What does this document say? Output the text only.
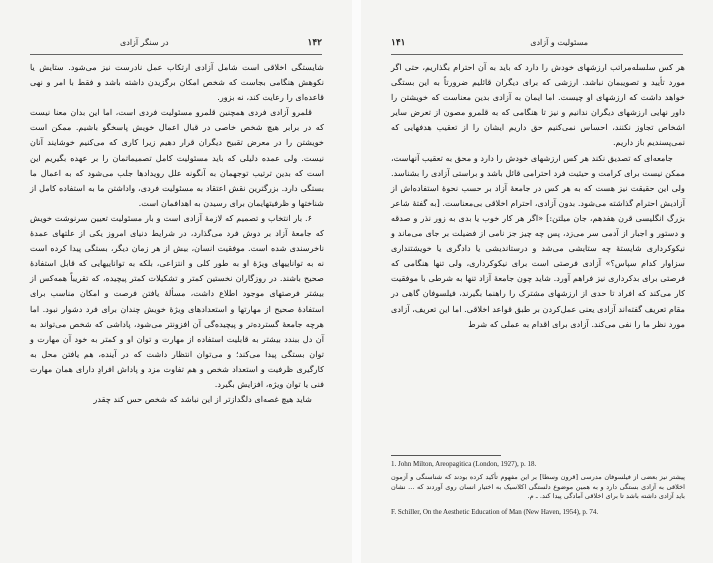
۱۴۲
در سنگر آزادی

شایستگی اخلاقی است شامل آزادی ارتکاب عمل نادرست نیز می‌شود. ستایش یا نکوهش هنگامی بجاست که شخص امکان برگزیدن داشته باشد و فقط با امر و نهی قاعده‌ای را رعایت کند، نه بزور.

قلمرو آزادی فردی همچنین قلمرو مسئولیت فردی است، اما این بدان معنا نیست که در برابر هیچ شخص خاصی در قبال اعمال خویش پاسخگو باشیم. ممکن است خویشتن را در معرض تقبیح دیگران قرار دهیم زیرا کاری که می‌کنیم خوشایند آنان نیست. ولی عمده دلیلی که باید مسئولیت کامل تصمیماتمان را بر عهده بگیریم این است که بدین ترتیب توجهمان به آنگونه علل رویدادها جلب می‌شود که به اعمال ما بستگی دارد. بزرگترین نقش اعتقاد به مسئولیت فردی، واداشتن ما به استفاده کامل از شناختها و ظرفیتهایمان برای رسیدن به اهدافمان است.

۶. بار انتخاب و تصمیم که لازمهٔ آزادی است و بار مسئولیت تعیین سرنوشت خویش که جامعهٔ آزاد بر دوش فرد می‌گذارد، در شرایط دنیای امروز یکی از علتهای عمدهٔ ناخرسندی شده است. موفقیت انسان، بیش از هر زمان دیگر، بستگی پیدا کرده است نه به تواناییهای ویژهٔ او به طور کلی و انتزاعی، بلکه به تواناییهایی که قابل استفادهٔ صحیح باشند. در روزگاران نخستین کمتر و تشکیلات کمتر پیچیده، که تقریباً همه‌کس از بیشتر فرصتهای موجود اطلاع داشت، مسألهٔ یافتن فرصت و امکان مناسب برای استفادهٔ صحیح از مهارتها و استعدادهای ویژهٔ خویش چندان برای فرد دشوار نبود. اما هرچه جامعهٔ گسترده‌تر و پیچیده‌گی آن افزونتر می‌شود، پاداشی که شخص می‌تواند به آن دل ببندد بیشتر به قابلیت استفاده از مهارت و توان او و کمتر به خود آن مهارت و توان بستگی پیدا می‌کند؛ و می‌توان انتظار داشت که در آینده، هم یافتن محل به کارگیری ظرفیت و استعداد شخص و هم تفاوت مزد و پاداش افرادِ دارای همان مهارت فنی یا توان ویژه، افزایش بگیرد.

شاید هیچ غصه‌ای دلگدازتر از این نباشد که شخص حس کند چقدر

۱۴۱	مسئولیت و آزادی

هر کس سلسله‌مراتب ارزشهای خودش را دارد که باید به آن احترام بگذاریم، حتی اگر مورد تأیید و تصویبمان نباشد. ارزشی که برای دیگران قائلیم ضرورتاً به این بستگی خواهد داشت که ارزشهای او چیست. اما ایمان به آزادی بدین معناست که خویشتن را داور نهایی ارزشهای دیگران ندانیم و نیز تا هنگامی که به قلمرو مصون از تعرض سایر اشخاص تجاوز نکنند، احساس نمی‌کنیم حق داریم ایشان را از تعقیب هدفهایی که نمی‌پسندیم باز داریم.

جامعه‌ای که تصدیق نکند هر کس ارزشهای خودش را دارد و محق به تعقیب آنهاست، ممکن نیست برای کرامت و حیثیت فرد احترامی قائل باشد و براستی آزادی را بشناسد. ولی این حقیقت نیز هست که به هر کس در جامعهٔ آزاد بر حسب نحوهٔ استفاده‌اش از آزادیش احترام گذاشته می‌شود. بدون آزادی، احترام اخلاقی بی‌معناست. [به گفتهٔ شاعر بزرگ انگلیسی قرن هفدهم، جان میلتن:] «اگر هر کار خوب یا بدی به زور نذر و صدقه و دستور و اجبار از آدمی سر می‌زد، پس چه چیز جز نامی از فضیلت بر جای می‌ماند و نیکوکرداری شایستهٔ چه ستایشی می‌شد و درستاندیشی یا دادگری یا خویشتنداری سزاوار کدام سپاس؟» آزادی فرصتی است برای نیکوکرداری، ولی تنها هنگامی که فرصتی برای بدکرداری نیز فراهم آورد. شاید چون جامعهٔ آزاد تنها به شرطی با موفقیت کار می‌کند که افراد تا حدی از ارزشهای مشترک را راهنما بگیرند، فیلسوفان گاهی در مقام تعریف گفته‌اند آزادی یعنی عمل‌کردن بر طبق قواعد اخلاقی. اما این تعریف، آزادی مورد نظر ما را نفی می‌کند. آزادی برای اقدام به عملی که شرط

1. John Milton, Areopagitica (London, 1927), p. 18.
پیشتر نیز بعضی از فیلسوفان مدرسی [قرون وسطا] بر این مفهوم تأکید کرده بودند که شناسنگی و آزمون اخلاقی به آزادی بستگی دارد و به همین موضوع دلستگی اکلاسیک به اختیار انسان روی آوردند که ... نشان باید آزادی داشته باشد تا برای اخلاقی آمادگی پیدا کند. ـ م.
F. Schiller, On the Aesthetic Education of Man (New Haven, 1954), p. 74.
